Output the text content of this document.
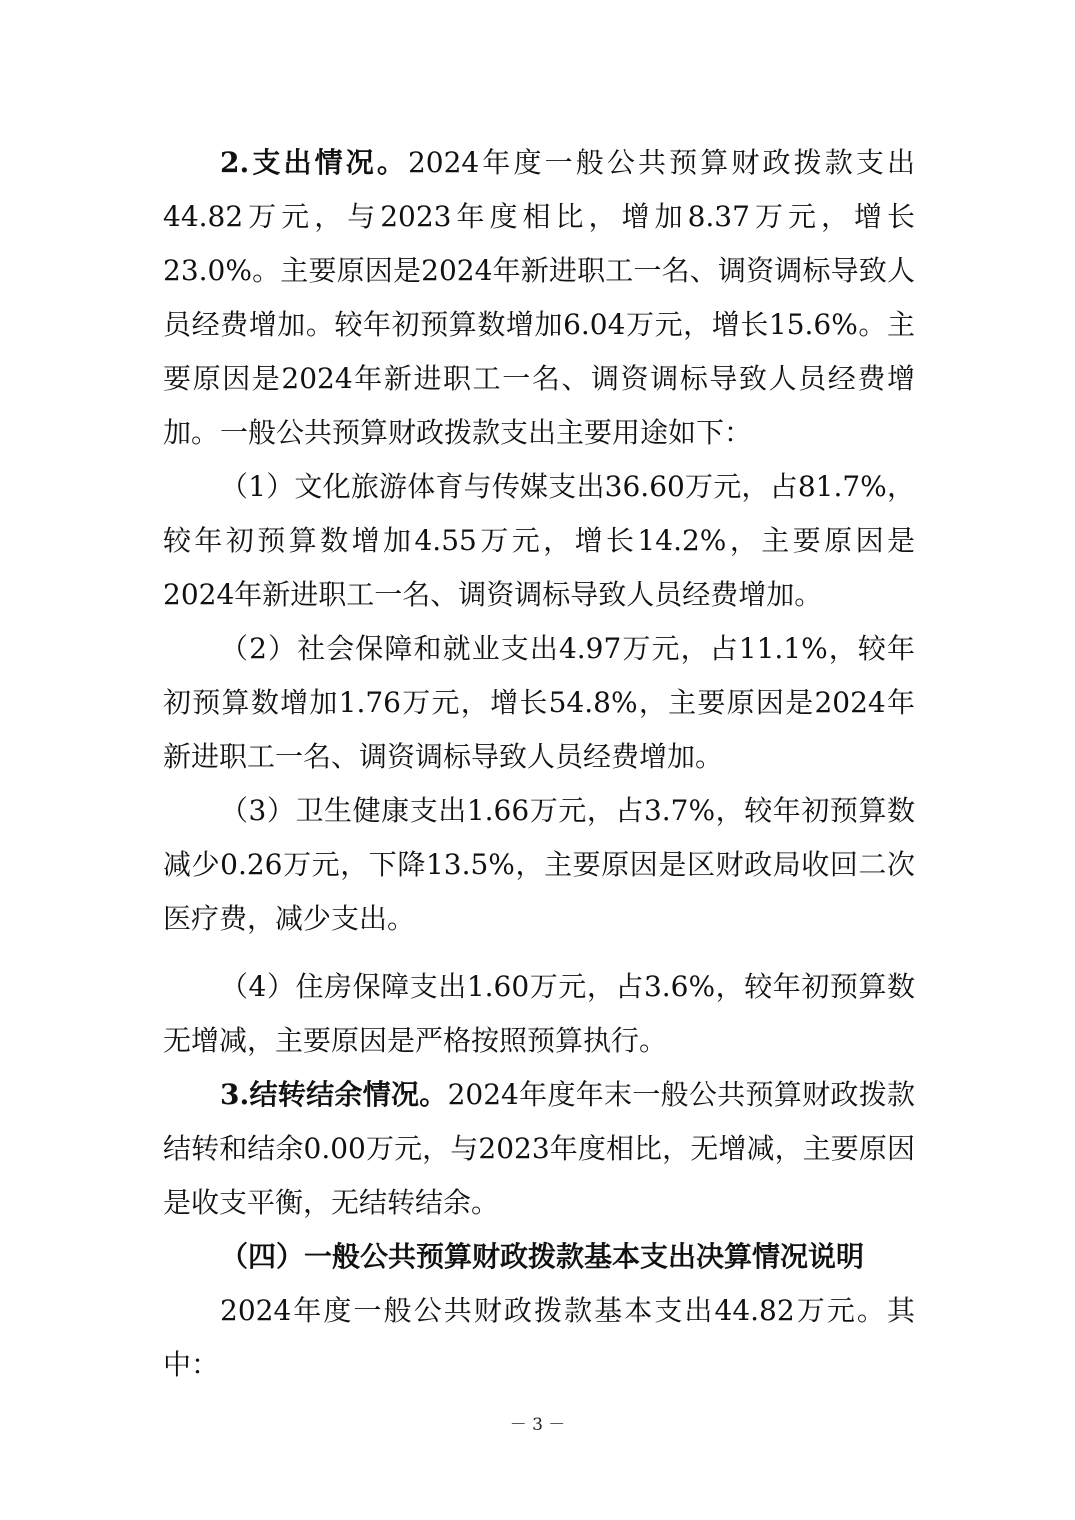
2.支出情况。2024年度一般公共预算财政拨款支出44.82万元，与2023年度相比，增加8.37万元，增长23.0%。主要原因是2024年新进职工一名、调资调标导致人员经费增加。较年初预算数增加6.04万元，增长15.6%。主要原因是2024年新进职工一名、调资调标导致人员经费增加。 一般公共预算财政拨款支出主要用途如下：

（1）文化旅游体育与传媒支出36.60万元，占81.7%，较年初预算数增加4.55万元，增长14.2%，主要原因是2024年新进职工一名、调资调标导致人员经费增加。

（2）社会保障和就业支出4.97万元，占11.1%，较年初预算数增加1.76万元，增长54.8%，主要原因是2024年新进职工一名、调资调标导致人员经费增加。

（3）卫生健康支出1.66万元，占3.7%，较年初预算数减少0.26万元，下降13.5%，主要原因是区财政局收回二次医疗费，减少支出。

（4）住房保障支出1.60万元，占3.6%，较年初预算数无增减，主要原因是严格按照预算执行。

3.结转结余情况。2024年度年末一般公共预算财政拨款结转和结余0.00万元，与2023年度相比，无增减，主要原因是收支平衡，无结转结余。

（四）一般公共预算财政拨款基本支出决算情况说明

2024年度一般公共财政拨款基本支出44.82万元。其中：

－ 3 －
